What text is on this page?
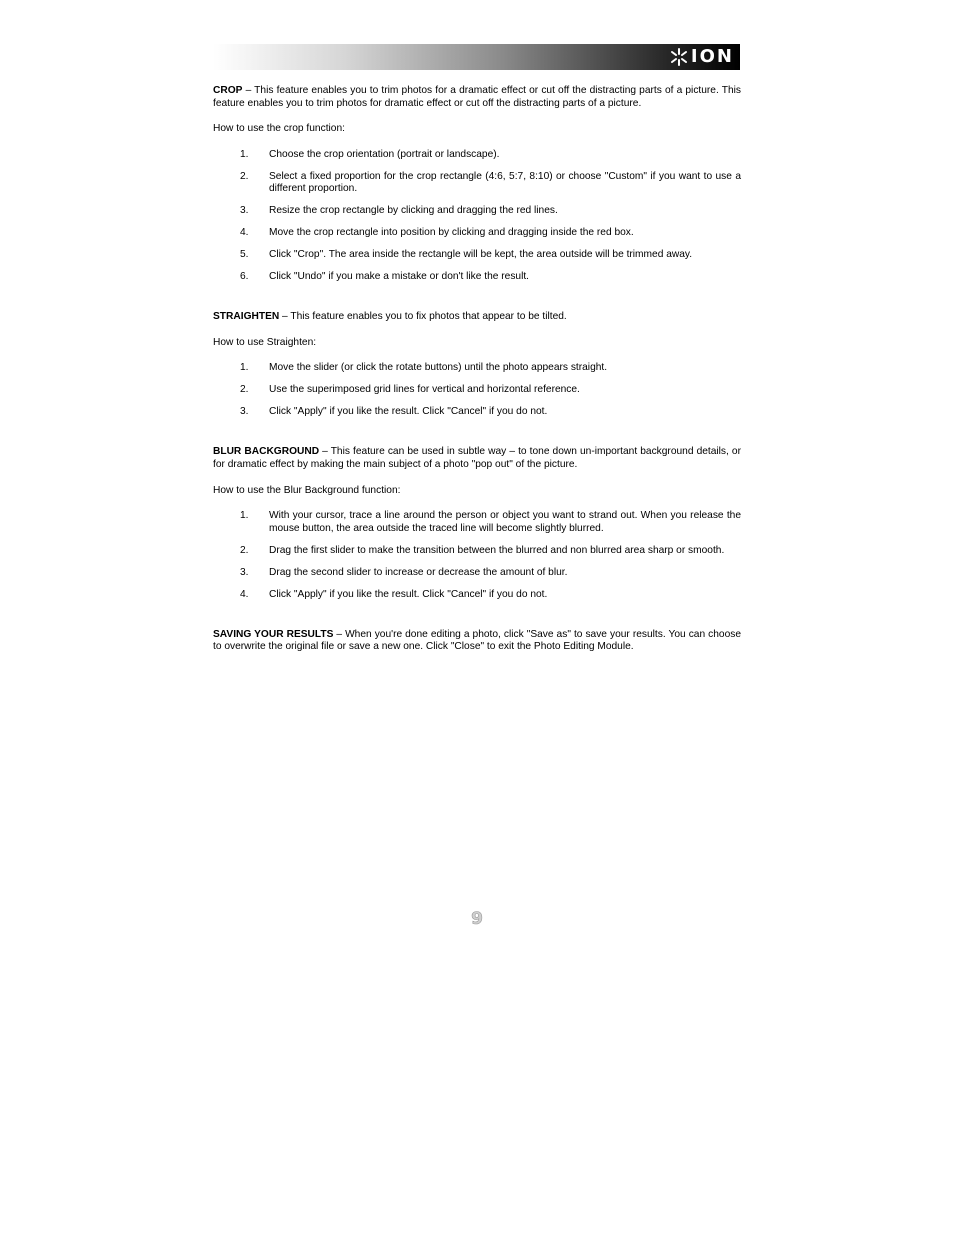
ION

CROP – This feature enables you to trim photos for a dramatic effect or cut off the distracting parts of a picture. This feature enables you to trim photos for dramatic effect or cut off the distracting parts of a picture.

How to use the crop function:

1.	Choose the crop orientation (portrait or landscape).
2.	Select a fixed proportion for the crop rectangle (4:6, 5:7, 8:10) or choose "Custom" if you want to use a different proportion.
3.	Resize the crop rectangle by clicking and dragging the red lines.
4.	Move the crop rectangle into position by clicking and dragging inside the red box.
5.	Click "Crop". The area inside the rectangle will be kept, the area outside will be trimmed away.
6.	Click "Undo" if you make a mistake or don't like the result.

STRAIGHTEN – This feature enables you to fix photos that appear to be tilted.

How to use Straighten:

1.	Move the slider (or click the rotate buttons) until the photo appears straight.
2.	Use the superimposed grid lines for vertical and horizontal reference.
3.	Click "Apply" if you like the result. Click "Cancel" if you do not.

BLUR BACKGROUND – This feature can be used in subtle way – to tone down un-important background details, or for dramatic effect by making the main subject of a photo "pop out" of the picture.

How to use the Blur Background function:

1.	With your cursor, trace a line around the person or object you want to strand out. When you release the mouse button, the area outside the traced line will become slightly blurred.
2.	Drag the first slider to make the transition between the blurred and non blurred area sharp or smooth.
3.	Drag the second slider to increase or decrease the amount of blur.
4.	Click "Apply" if you like the result. Click "Cancel" if you do not.

SAVING YOUR RESULTS – When you're done editing a photo, click "Save as" to save your results. You can choose to overwrite the original file or save a new one. Click "Close" to exit the Photo Editing Module.

9
